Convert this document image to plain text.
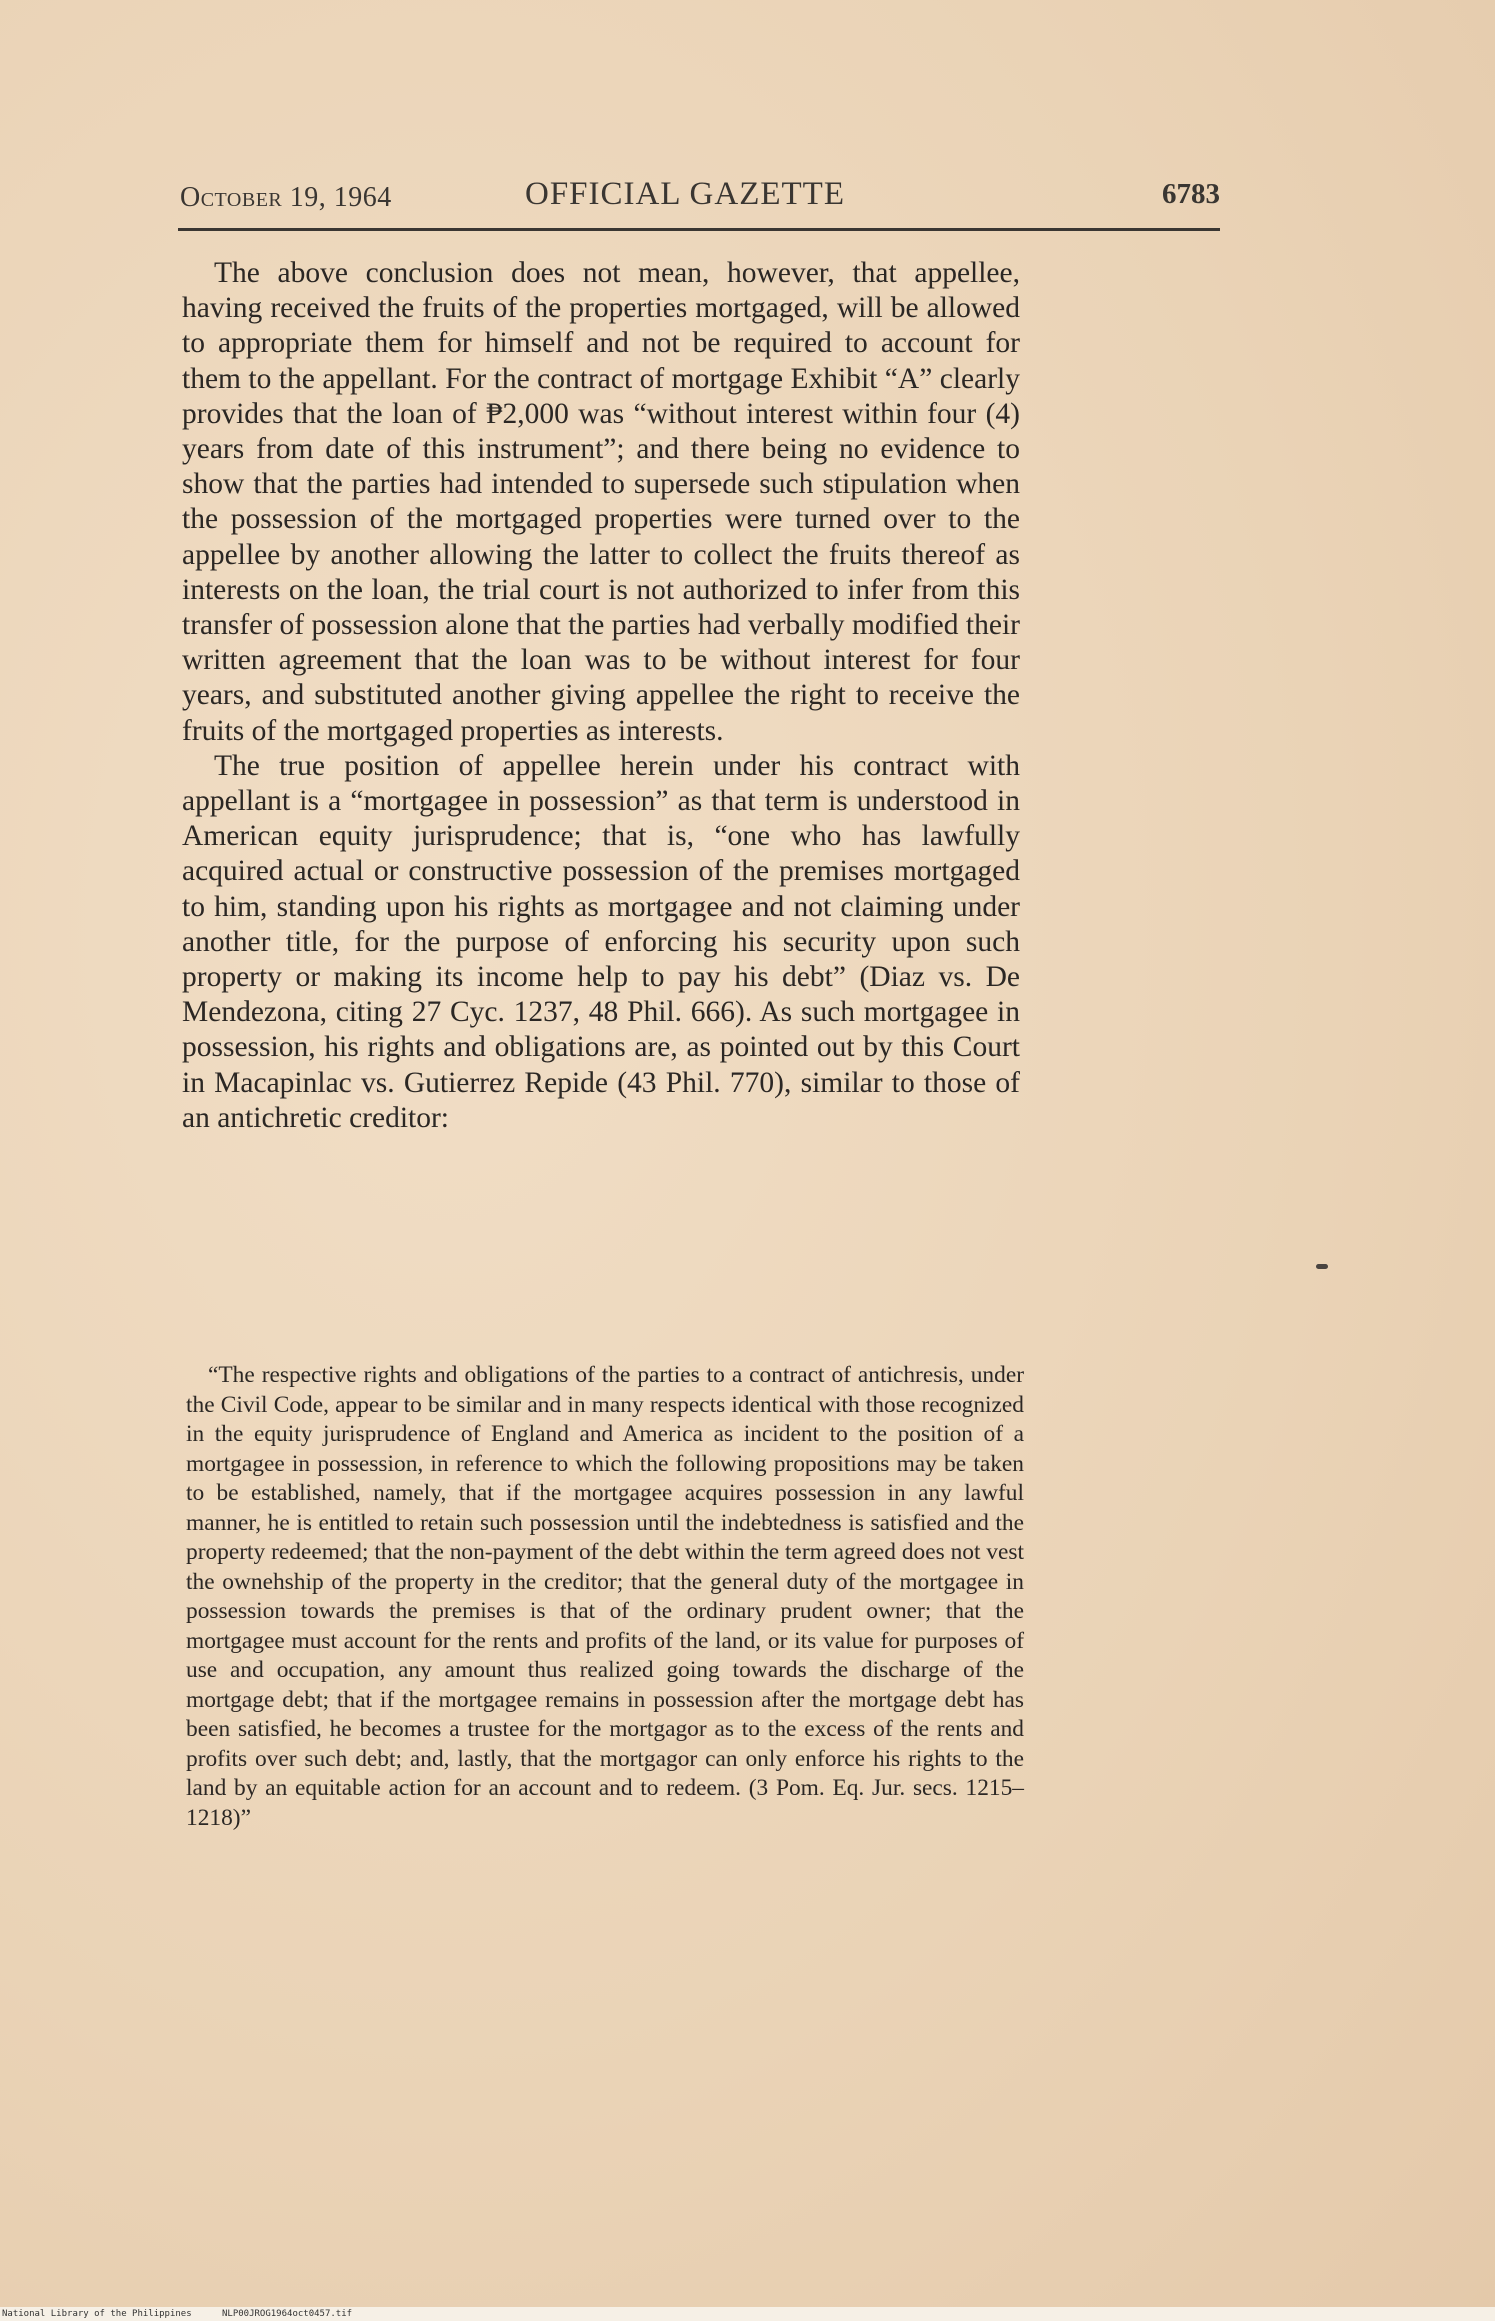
October 19, 1964	OFFICIAL GAZETTE	6783

The above conclusion does not mean, however, that appellee, having received the fruits of the properties mortgaged, will be allowed to appropriate them for himself and not be required to account for them to the appellant. For the contract of mortgage Exhibit “A” clearly provides that the loan of ₱2,000 was “without interest within four (4) years from date of this instrument”; and there being no evidence to show that the parties had intended to supersede such stipulation when the possession of the mortgaged properties were turned over to the appellee by another allowing the latter to collect the fruits thereof as interests on the loan, the trial court is not authorized to infer from this transfer of possession alone that the parties had verbally modified their written agreement that the loan was to be without interest for four years, and substituted another giving appellee the right to receive the fruits of the mortgaged properties as interests.

The true position of appellee herein under his contract with appellant is a “mortgagee in possession” as that term is understood in American equity jurisprudence; that is, “one who has lawfully acquired actual or constructive possession of the premises mortgaged to him, standing upon his rights as mortgagee and not claiming under another title, for the purpose of enforcing his security upon such property or making its income help to pay his debt” (Diaz vs. De Mendezona, citing 27 Cyc. 1237, 48 Phil. 666). As such mortgagee in possession, his rights and obligations are, as pointed out by this Court in Macapinlac vs. Gutierrez Repide (43 Phil. 770), similar to those of an antichretic creditor:

“The respective rights and obligations of the parties to a contract of antichresis, under the Civil Code, appear to be similar and in many respects identical with those recognized in the equity jurisprudence of England and America as incident to the position of a mortgagee in possession, in reference to which the following propositions may be taken to be established, namely, that if the mortgagee acquires possession in any lawful manner, he is entitled to retain such possession until the indebtedness is satisfied and the property redeemed; that the non-payment of the debt within the term agreed does not vest the ownehship of the property in the creditor; that the general duty of the mortgagee in possession towards the premises is that of the ordinary prudent owner; that the mortgagee must account for the rents and profits of the land, or its value for purposes of use and occupation, any amount thus realized going towards the discharge of the mortgage debt; that if the mortgagee remains in possession after the mortgage debt has been satisfied, he becomes a trustee for the mortgagor as to the excess of the rents and profits over such debt; and, lastly, that the mortgagor can only enforce his rights to the land by an equitable action for an account and to redeem. (3 Pom. Eq. Jur. secs. 1215–1218)”

National Library of the Philippines	NLP00JROG1964oct0457.tif
